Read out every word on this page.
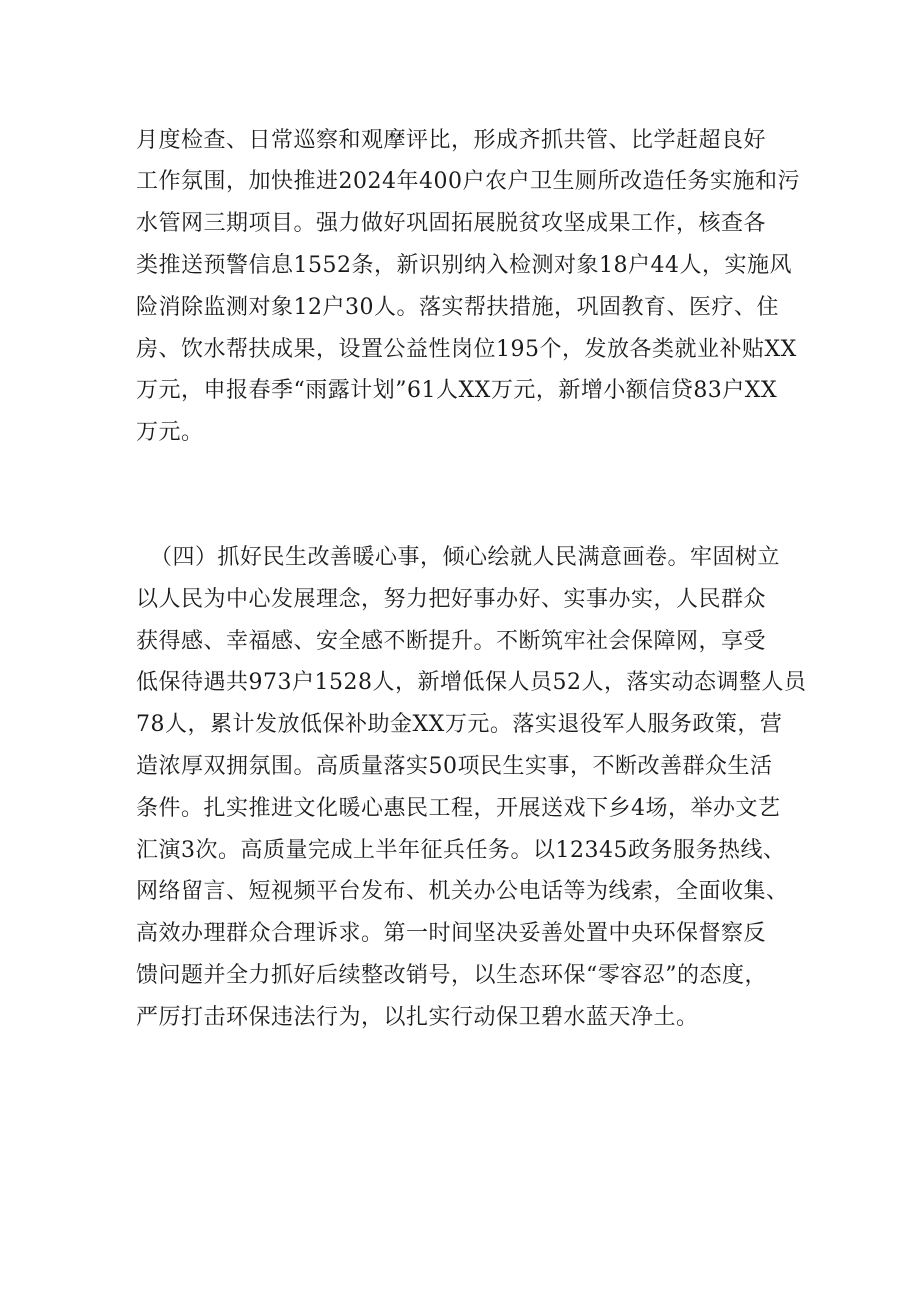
月度检查、日常巡察和观摩评比，形成齐抓共管、比学赶超良好
工作氛围，加快推进2024年400户农户卫生厕所改造任务实施和污
水管网三期项目。强力做好巩固拓展脱贫攻坚成果工作，核查各
类推送预警信息1552条，新识别纳入检测对象18户44人，实施风
险消除监测对象12户30人。落实帮扶措施，巩固教育、医疗、住
房、饮水帮扶成果，设置公益性岗位195个，发放各类就业补贴XX
万元，申报春季“雨露计划”61人XX万元，新增小额信贷83户XX
万元。
（四）抓好民生改善暖心事，倾心绘就人民满意画卷。牢固树立
以人民为中心发展理念，努力把好事办好、实事办实，人民群众
获得感、幸福感、安全感不断提升。不断筑牢社会保障网，享受
低保待遇共973户1528人，新增低保人员52人，落实动态调整人员
78人，累计发放低保补助金XX万元。落实退役军人服务政策，营
造浓厚双拥氛围。高质量落实50项民生实事，不断改善群众生活
条件。扎实推进文化暖心惠民工程，开展送戏下乡4场，举办文艺
汇演3次。高质量完成上半年征兵任务。以12345政务服务热线、
网络留言、短视频平台发布、机关办公电话等为线索，全面收集、
高效办理群众合理诉求。第一时间坚决妥善处置中央环保督察反
馈问题并全力抓好后续整改销号，以生态环保“零容忍”的态度，
严厉打击环保违法行为，以扎实行动保卫碧水蓝天净土。
